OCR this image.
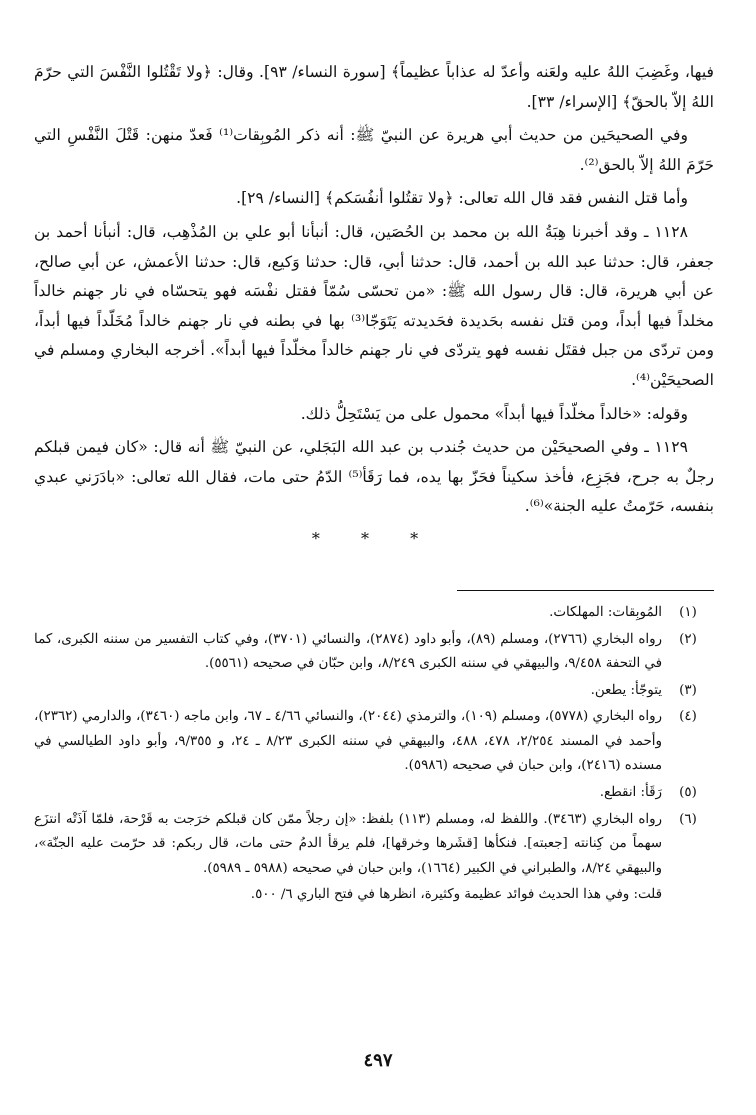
فيها، وغَضِبَ اللهُ عليه ولعَنه وأعدّ له عذاباً عظيماً﴾ [سورة النساء/ ٩٣]. وقال: ﴿ولا تَقْتُلوا النَّفْسَ التي حرّمَ اللهُ إلاّ بالحقّ﴾ [الإسراء/ ٣٣].

وفي الصحيحَين من حديث أبي هريرة عن النبيّ ﷺ: أنه ذكر المُوبِقات⁽¹⁾ فَعدّ منهن: قَتْلَ النَّفْسِ التي حَرّمَ اللهُ إلاّ بالحق⁽²⁾.

وأما قتل النفس فقد قال الله تعالى: ﴿ولا تقتُلوا أنفُسَكم﴾ [النساء/ ٢٩].

١١٢٨ ـ وقد أخبرنا هِبَةُ الله بن محمد بن الحُصَين، قال: أنبأنا أبو علي بن المُذْهِب، قال: أنبأنا أحمد بن جعفر، قال: حدثنا عبد الله بن أحمد، قال: حدثنا أبي، قال: حدثنا وَكيع، قال: حدثنا الأعمش، عن أبي صالح، عن أبي هريرة، قال: قال رسول الله ﷺ: «من تحسّى سُمّاً فقتل نفْسَه فهو يتحسّاه في نار جهنم خالداً مخلداً فيها أبداً، ومن قتل نفسه بحَديدة فحَديدته يَتَوَجّا⁽³⁾ بها في بطنه في نار جهنم خالداً مُخَلّداً فيها أبداً، ومن تردّى من جبل فقتَل نفسه فهو يتردّى في نار جهنم خالداً مخلّداً فيها أبداً». أخرجه البخاري ومسلم في الصحيحَيْن⁽⁴⁾.

وقوله: «خالداً مخلّداً فيها أبداً» محمول على من يَسْتَحِلُّ ذلك.

١١٢٩ ـ وفي الصحيحَيْن من حديث جُندب بن عبد الله البَجَلي، عن النبيّ ﷺ أنه قال: «كان فيمن قبلكم رجلٌ به جرح، فجَزِع، فأخذ سكيناً فحَزّ بها يده، فما رَقَأ⁽⁵⁾ الدّمُ حتى مات، فقال الله تعالى: «بادَرَني عبدي بنفسه، حَرّمتُ عليه الجنة»⁽⁶⁾.

* * *
(١)
المُوبِقات: المهلكات.
(٢)
رواه البخاري (٢٧٦٦)، ومسلم (٨٩)، وأبو داود (٢٨٧٤)، والنسائي (٣٧٠١)، وفي كتاب التفسير من سننه الكبرى، كما في التحفة ٩/٤٥٨، والبيهقي في سننه الكبرى ٨/٢٤٩، وابن حبّان في صحيحه (٥٥٦١).
(٣)
يتوجّأ: يطعن.
(٤)
رواه البخاري (٥٧٧٨)، ومسلم (١٠٩)، والترمذي (٢٠٤٤)، والنسائي ٤/٦٦ ـ ٦٧، وابن ماجه (٣٤٦٠)، والدارمي (٢٣٦٢)، وأحمد في المسند ٢/٢٥٤، ٤٧٨، ٤٨٨، والبيهقي في سننه الكبرى ٨/٢٣ ـ ٢٤، و ٩/٣٥٥، وأبو داود الطيالسي في مسنده (٢٤١٦)، وابن حبان في صحيحه (٥٩٨٦).
(٥)
رَقَأ: انقطع.
(٦)
رواه البخاري (٣٤٦٣). واللفظ له، ومسلم (١١٣) بلفظ: «إن رجلاً ممّن كان قبلكم خرَجت به قَرْحة، فلمّا آذَتْه انتزَع سهماً من كِنانته [جعبته]. فنكأها [قشَرها وخرقها]، فلم يرقأ الدمُ حتى مات، قال ربكم: قد حرّمت عليه الجنّة»، والبيهقي ٨/٢٤، والطبراني في الكبير (١٦٦٤)، وابن حبان في صحيحه (٥٩٨٨ ـ ٥٩٨٩).
قلت: وفي هذا الحديث فوائد عظيمة وكثيرة، انظرها في فتح الباري ٦/ ٥٠٠.
٤٩٧
